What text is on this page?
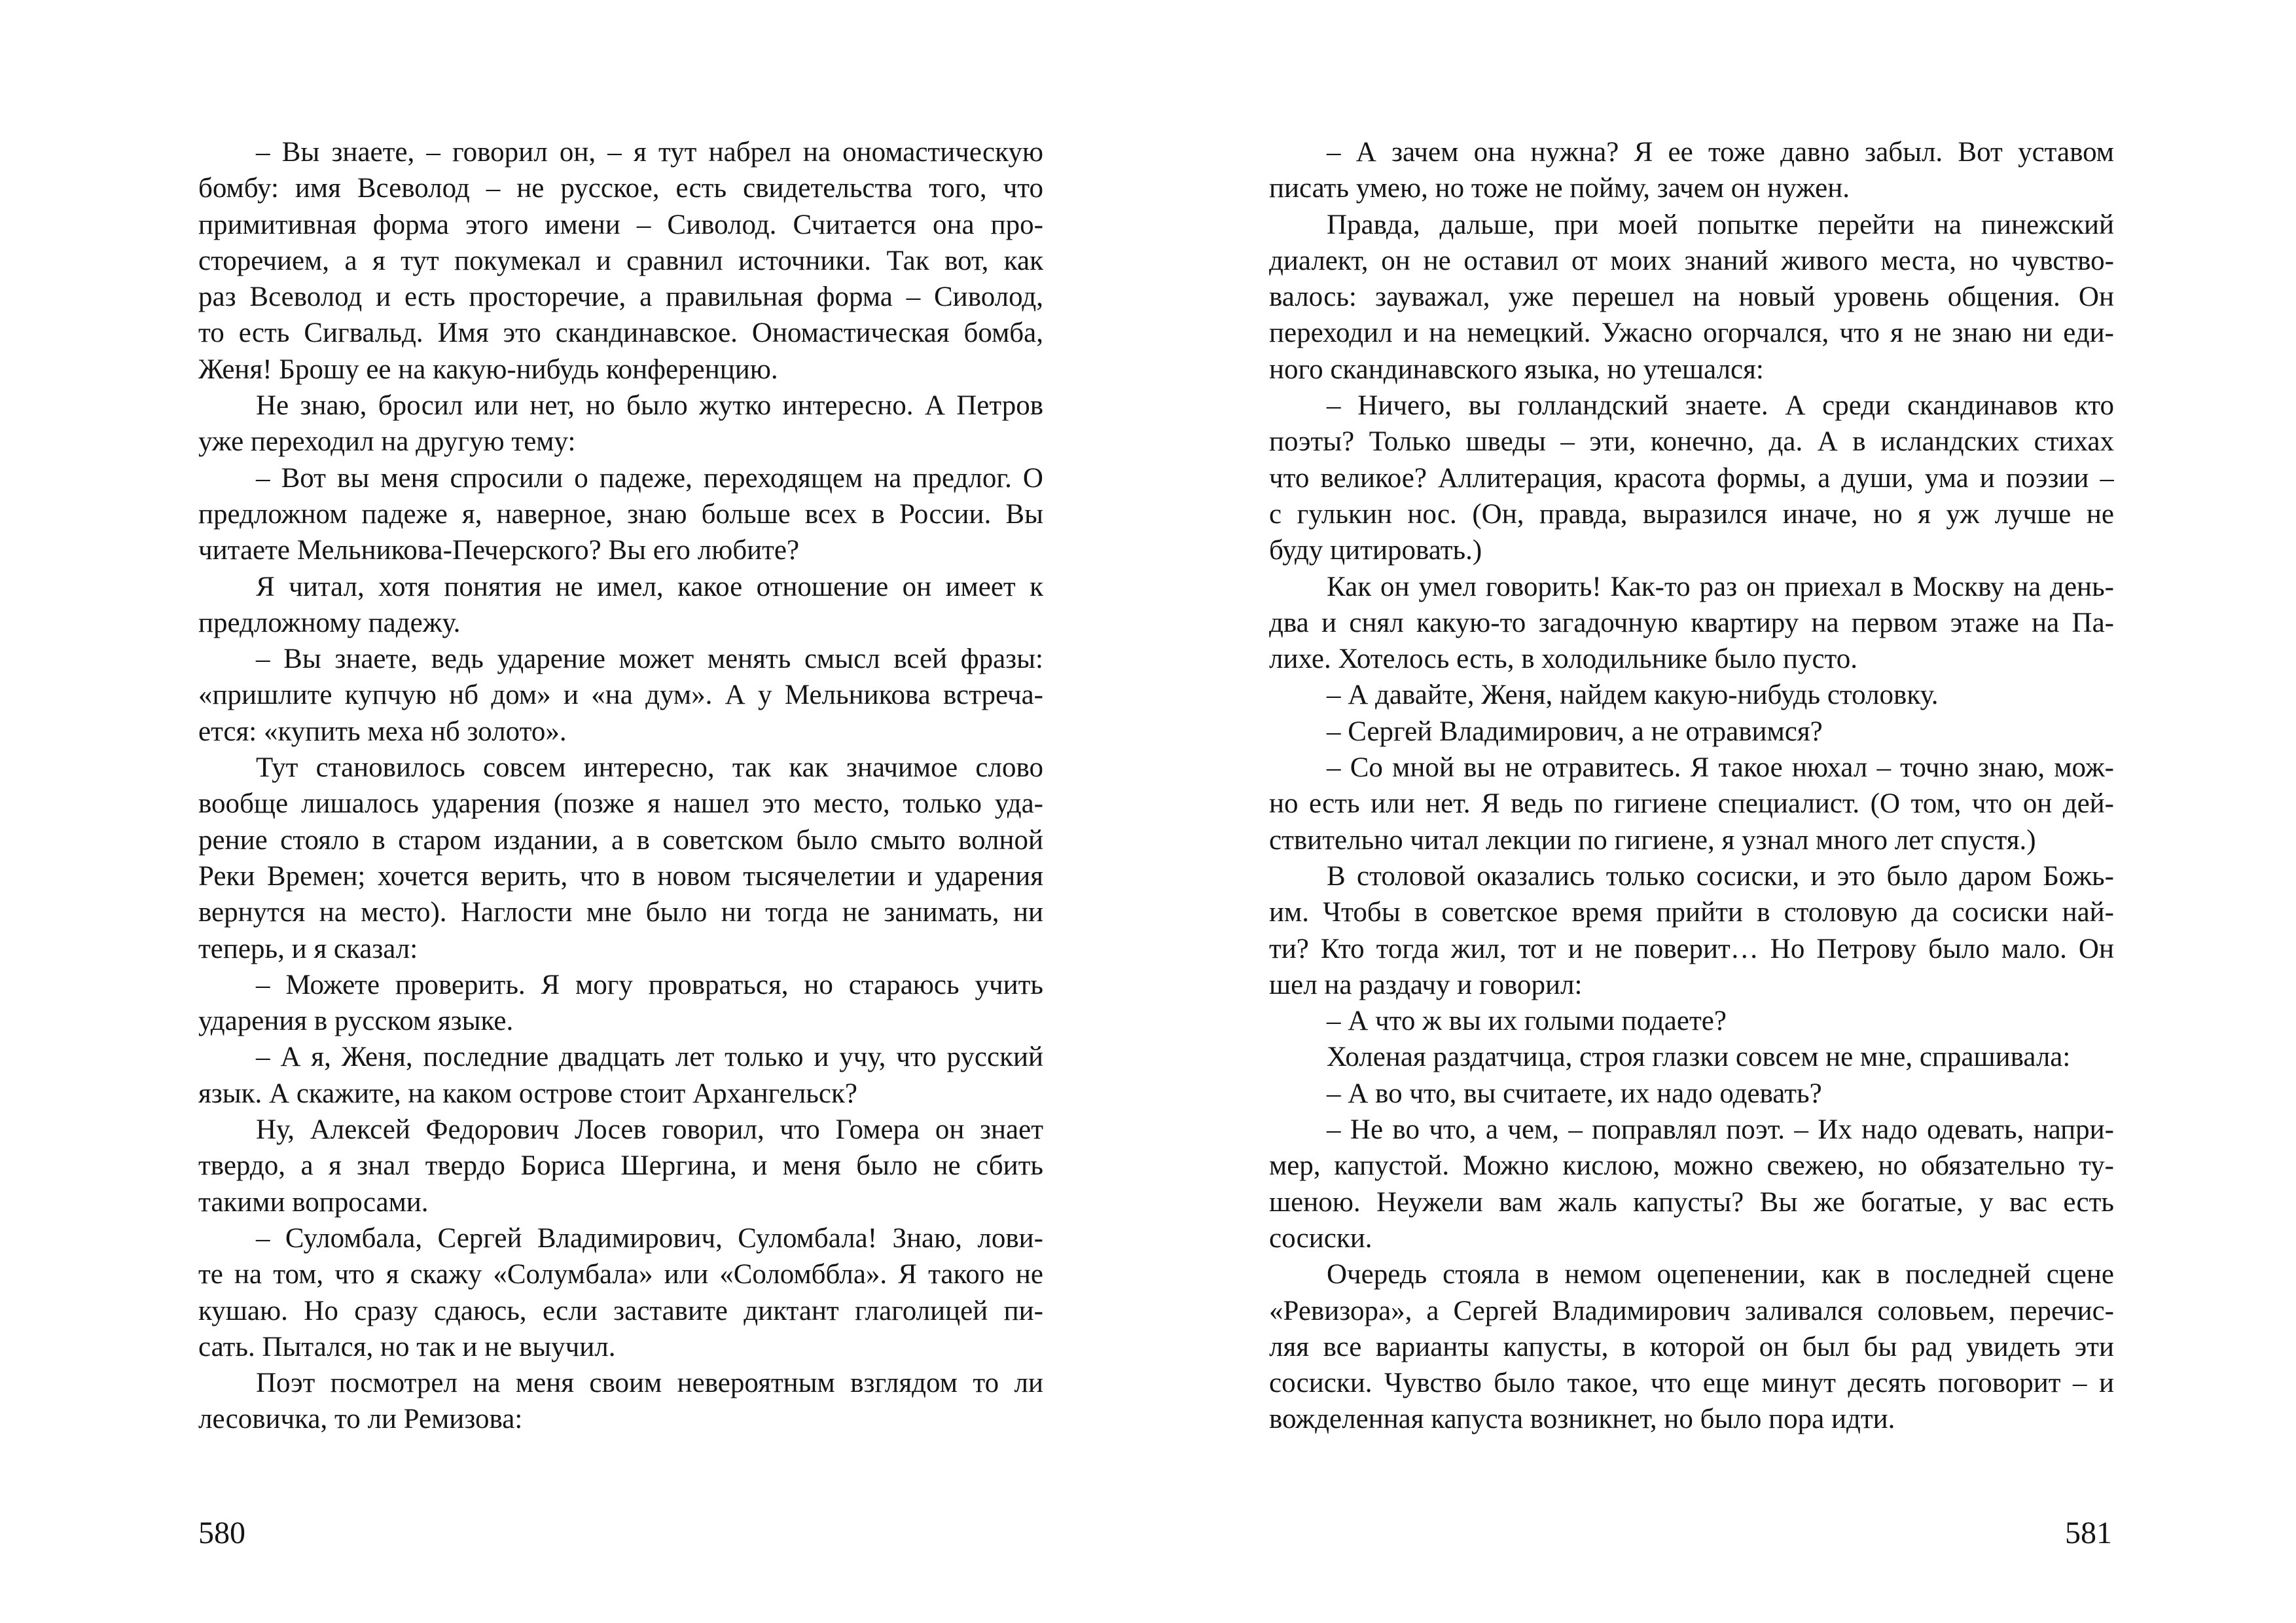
– Вы знаете, – говорил он, – я тут набрел на ономастическую
бомбу: имя Всеволод – не русское, есть свидетельства того, что
примитивная форма этого имени – Сиволод. Считается она про-
сторечием, а я тут покумекал и сравнил источники. Так вот, как
раз Всеволод и есть просторечие, а правильная форма – Сиволод,
то есть Сигвальд. Имя это скандинавское. Ономастическая бомба,
Женя! Брошу ее на какую-нибудь конференцию.
Не знаю, бросил или нет, но было жутко интересно. А Петров
уже переходил на другую тему:
– Вот вы меня спросили о падеже, переходящем на предлог. О
предложном падеже я, наверное, знаю больше всех в России. Вы
читаете Мельникова-Печерского? Вы его любите?
Я читал, хотя понятия не имел, какое отношение он имеет к
предложному падежу.
– Вы знаете, ведь ударение может менять смысл всей фразы:
«пришлите купчую нб дом» и «на дум». А у Мельникова встреча-
ется: «купить меха нб золото».
Тут становилось совсем интересно, так как значимое слово
вообще лишалось ударения (позже я нашел это место, только уда-
рение стояло в старом издании, а в советском было смыто волной
Реки Времен; хочется верить, что в новом тысячелетии и ударения
вернутся на место). Наглости мне было ни тогда не занимать, ни
теперь, и я сказал:
– Можете проверить. Я могу провраться, но стараюсь учить
ударения в русском языке.
– А я, Женя, последние двадцать лет только и учу, что русский
язык. А скажите, на каком острове стоит Архангельск?
Ну, Алексей Федорович Лосев говорил, что Гомера он знает
твердо, а я знал твердо Бориса Шергина, и меня было не сбить
такими вопросами.
– Суломбала, Сергей Владимирович, Суломбала! Знаю, лови-
те на том, что я скажу «Солумбала» или «Соломббла». Я такого не
кушаю. Но сразу сдаюсь, если заставите диктант глаголицей пи-
сать. Пытался, но так и не выучил.
Поэт посмотрел на меня своим невероятным взглядом то ли
лесовичка, то ли Ремизова:
– А зачем она нужна? Я ее тоже давно забыл. Вот уставом
писать умею, но тоже не пойму, зачем он нужен.
Правда, дальше, при моей попытке перейти на пинежский
диалект, он не оставил от моих знаний живого места, но чувство-
валось: зауважал, уже перешел на новый уровень общения. Он
переходил и на немецкий. Ужасно огорчался, что я не знаю ни еди-
ного скандинавского языка, но утешался:
– Ничего, вы голландский знаете. А среди скандинавов кто
поэты? Только шведы – эти, конечно, да. А в исландских стихах
что великое? Аллитерация, красота формы, а души, ума и поэзии –
с гулькин нос. (Он, правда, выразился иначе, но я уж лучше не
буду цитировать.)
Как он умел говорить! Как-то раз он приехал в Москву на день-
два и снял какую-то загадочную квартиру на первом этаже на Па-
лихе. Хотелось есть, в холодильнике было пусто.
– А давайте, Женя, найдем какую-нибудь столовку.
– Сергей Владимирович, а не отравимся?
– Со мной вы не отравитесь. Я такое нюхал – точно знаю, мож-
но есть или нет. Я ведь по гигиене специалист. (О том, что он дей-
ствительно читал лекции по гигиене, я узнал много лет спустя.)
В столовой оказались только сосиски, и это было даром Божь-
им. Чтобы в советское время прийти в столовую да сосиски най-
ти? Кто тогда жил, тот и не поверит… Но Петрову было мало. Он
шел на раздачу и говорил:
– А что ж вы их голыми подаете?
Холеная раздатчица, строя глазки совсем не мне, спрашивала:
– А во что, вы считаете, их надо одевать?
– Не во что, а чем, – поправлял поэт. – Их надо одевать, напри-
мер, капустой. Можно кислою, можно свежею, но обязательно ту-
шеною. Неужели вам жаль капусты? Вы же богатые, у вас есть
сосиски.
Очередь стояла в немом оцепенении, как в последней сцене
«Ревизора», а Сергей Владимирович заливался соловьем, перечис-
ляя все варианты капусты, в которой он был бы рад увидеть эти
сосиски. Чувство было такое, что еще минут десять поговорит – и
вожделенная капуста возникнет, но было пора идти.
580	581
